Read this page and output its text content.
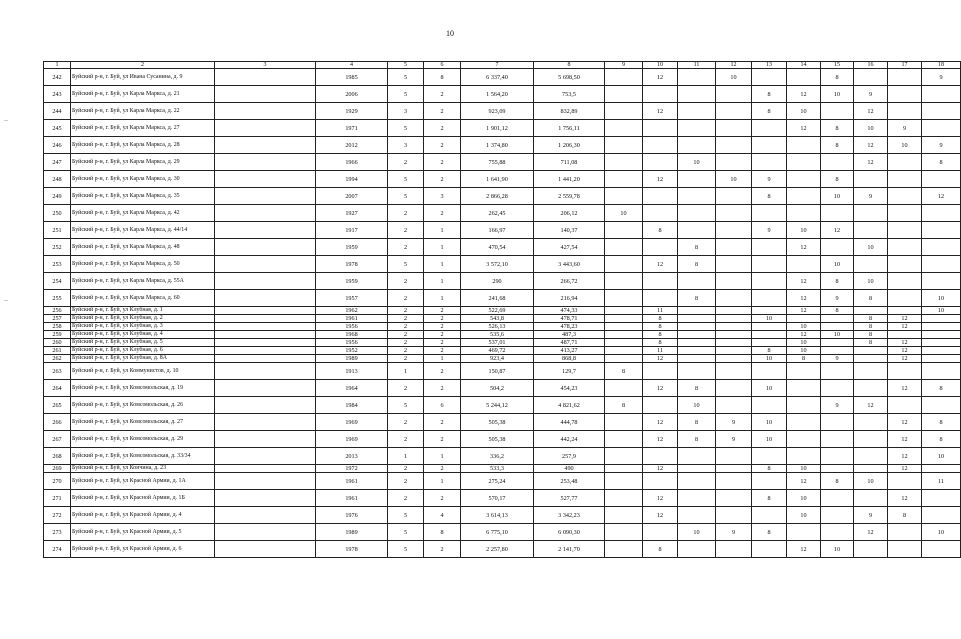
10
1	2	3	4	5	6	7	8	9	10	11	12	13	14	15	16	17	18
242	Буйский р-н, г. Буй, ул Ивана Сусанина, д. 9		1985	5	8	6 337,40	5 698,50		12		10			8			9
243	Буйский р-н, г. Буй, ул Карла Маркса, д. 21		2006	5	2	1 564,20	753,5					8	12	10	9		
244	Буйский р-н, г. Буй, ул Карла Маркса, д. 22		1929	3	2	923,09	832,89		12			8	10		12		
245	Буйский р-н, г. Буй, ул Карла Маркса, д. 27		1971	5	2	1 901,12	1 756,11						12	8	10	9	
246	Буйский р-н, г. Буй, ул Карла Маркса, д. 28		2012	3	2	1 374,80	1 206,30							8	12	10	9
247	Буйский р-н, г. Буй, ул Карла Маркса, д. 29		1966	2	2	755,88	711,08			10					12		8
248	Буйский р-н, г. Буй, ул Карла Маркса, д. 30		1994	5	2	1 641,90	1 441,20		12		10	9		8			
249	Буйский р-н, г. Буй, ул Карла Маркса, д. 35		2007	5	3	2 866,28	2 559,78					8		10	9		12
250	Буйский р-н, г. Буй, ул Карла Маркса, д. 42		1927	2	2	262,45	206,12	10									
251	Буйский р-н, г. Буй, ул Карла Маркса, д. 44/14		1917	2	1	166,97	140,37		8			9	10	12			
252	Буйский р-н, г. Буй, ул Карла Маркса, д. 48		1959	2	1	470,54	427,54			8			12		10		
253	Буйский р-н, г. Буй, ул Карла Маркса, д. 50		1978	5	1	3 572,10	3 443,60		12	8				10			
254	Буйский р-н, г. Буй, ул Карла Маркса, д. 55А		1959	2	1	290	266,72						12	8	10		
255	Буйский р-н, г. Буй, ул Карла Маркса, д. 60		1957	2	1	241,68	216,94			8			12	9	8		10
256	Буйский р-н, г. Буй, ул Клубная, д. 1		1962	2	2	522,69	474,33		11				12	8			10
257	Буйский р-н, г. Буй, ул Клубная, д. 2		1961	2	2	543,8	478,71		8			10			8	12	
258	Буйский р-н, г. Буй, ул Клубная, д. 3		1956	2	2	526,13	478,23		8				10		8	12	
259	Буйский р-н, г. Буй, ул Клубная, д. 4		1968	2	2	535,6	487,3		8				12	10	8		
260	Буйский р-н, г. Буй, ул Клубная, д. 5		1956	2	2	537,01	487,71		8				10		8	12	
261	Буйский р-н, г. Буй, ул Клубная, д. 6		1952	2	2	469,72	413,27		11			8	10			12	
262	Буйский р-н, г. Буй, ул Клубная, д. 8А		1989	2	1	923,4	868,8		12			10	8	9		12	
263	Буйский р-н, г. Буй, ул Коммунистов, д. 10		1913	1	2	150,87	129,7	8									
264	Буйский р-н, г. Буй, ул Комсомольская, д. 19		1964	2	2	504,2	454,23		12	8		10				12	8
265	Буйский р-н, г. Буй, ул Комсомольская, д. 26		1984	5	6	5 244,12	4 821,62	8		10				9	12		
266	Буйский р-н, г. Буй, ул Комсомольская, д. 27		1969	2	2	505,38	444,78		12	8	9	10				12	8
267	Буйский р-н, г. Буй, ул Комсомольская, д. 29		1969	2	2	505,38	442,24		12	8	9	10				12	8
268	Буйский р-н, г. Буй, ул Комсомольская, д. 33/34		2013	1	1	336,2	257,9									12	10
269	Буйский р-н, г. Буй, ул Кончина, д. 23		1972	2	2	533,3	490		12			8	10			12	
270	Буйский р-н, г. Буй, ул Красной Армии, д. 1А		1961	2	1	275,24	253,48						12	8	10		11
271	Буйский р-н, г. Буй, ул Красной Армии, д. 1Б		1961	2	2	570,17	527,77		12			8	10			12	
272	Буйский р-н, г. Буй, ул Красной Армии, д. 4		1976	5	4	3 614,13	3 342,23		12				10		9	8	
273	Буйский р-н, г. Буй, ул Красной Армии, д. 5		1989	5	8	6 775,10	6 090,30			10	9	8			12		10
274	Буйский р-н, г. Буй, ул Красной Армии, д. 6		1978	5	2	2 257,80	2 141,70		8				12	10			
